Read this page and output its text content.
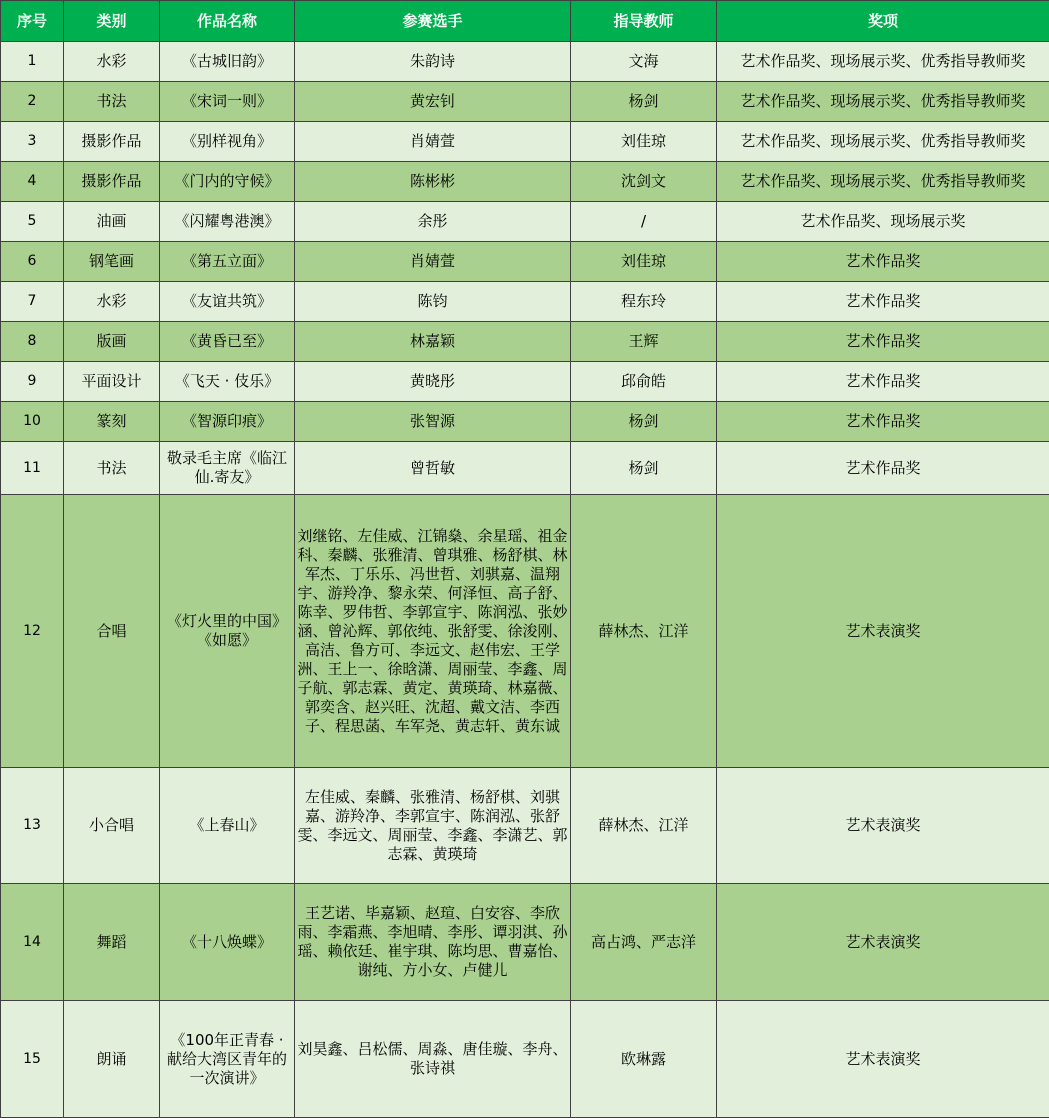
序号	类别	作品名称	参赛选手	指导教师	奖项
1	水彩	《古城旧韵》	朱韵诗	文海	艺术作品奖、现场展示奖、优秀指导教师奖
2	书法	《宋词一则》	黄宏钊	杨剑	艺术作品奖、现场展示奖、优秀指导教师奖
3	摄影作品	《别样视角》	肖婧萱	刘佳琼	艺术作品奖、现场展示奖、优秀指导教师奖
4	摄影作品	《门内的守候》	陈彬彬	沈剑文	艺术作品奖、现场展示奖、优秀指导教师奖
5	油画	《闪耀粤港澳》	余彤	/	艺术作品奖、现场展示奖
6	钢笔画	《第五立面》	肖婧萱	刘佳琼	艺术作品奖
7	水彩	《友谊共筑》	陈钧	程东玲	艺术作品奖
8	版画	《黄昏已至》	林嘉颖	王辉	艺术作品奖
9	平面设计	《飞天 · 伎乐》	黄晓彤	邱俞皓	艺术作品奖
10	篆刻	《智源印痕》	张智源	杨剑	艺术作品奖
11	书法	敬录毛主席《临江仙.寄友》	曾哲敏	杨剑	艺术作品奖
12	合唱	《灯火里的中国》《如愿》	刘继铭、左佳威、江锦燊、余星瑶、祖金科、秦麟、张雅清、曾琪雅、杨舒棋、林军杰、丁乐乐、冯世哲、刘骐嘉、温翔宇、游羚净、黎永荣、何泽恒、高子舒、陈幸、罗伟哲、李郭宣宇、陈润泓、张妙涵、曾沁辉、郭依纯、张舒雯、徐浚刚、高洁、鲁方可、李远文、赵伟宏、王学洲、王上一、徐晗潇、周丽莹、李鑫、周子航、郭志霖、黄定、黄瑛琦、林嘉薇、郭奕含、赵兴旺、沈超、戴文洁、李西子、程思菡、车军尧、黄志轩、黄东诚	薛林杰、江洋	艺术表演奖
13	小合唱	《上春山》	左佳威、秦麟、张雅清、杨舒棋、刘骐嘉、游羚净、李郭宣宇、陈润泓、张舒雯、李远文、周丽莹、李鑫、李潇艺、郭志霖、黄瑛琦	薛林杰、江洋	艺术表演奖
14	舞蹈	《十八焕蝶》	王艺诺、毕嘉颖、赵瑄、白安容、李欣雨、李霜燕、李旭晴、李彤、谭羽淇、孙瑶、赖依廷、崔宇琪、陈均思、曹嘉怡、谢纯、方小女、卢健儿	高占鸿、严志洋	艺术表演奖
15	朗诵	《100年正青春 · 献给大湾区青年的一次演讲》	刘昊鑫、吕松儒、周淼、唐佳璇、李舟、张诗祺	欧琳露	艺术表演奖
